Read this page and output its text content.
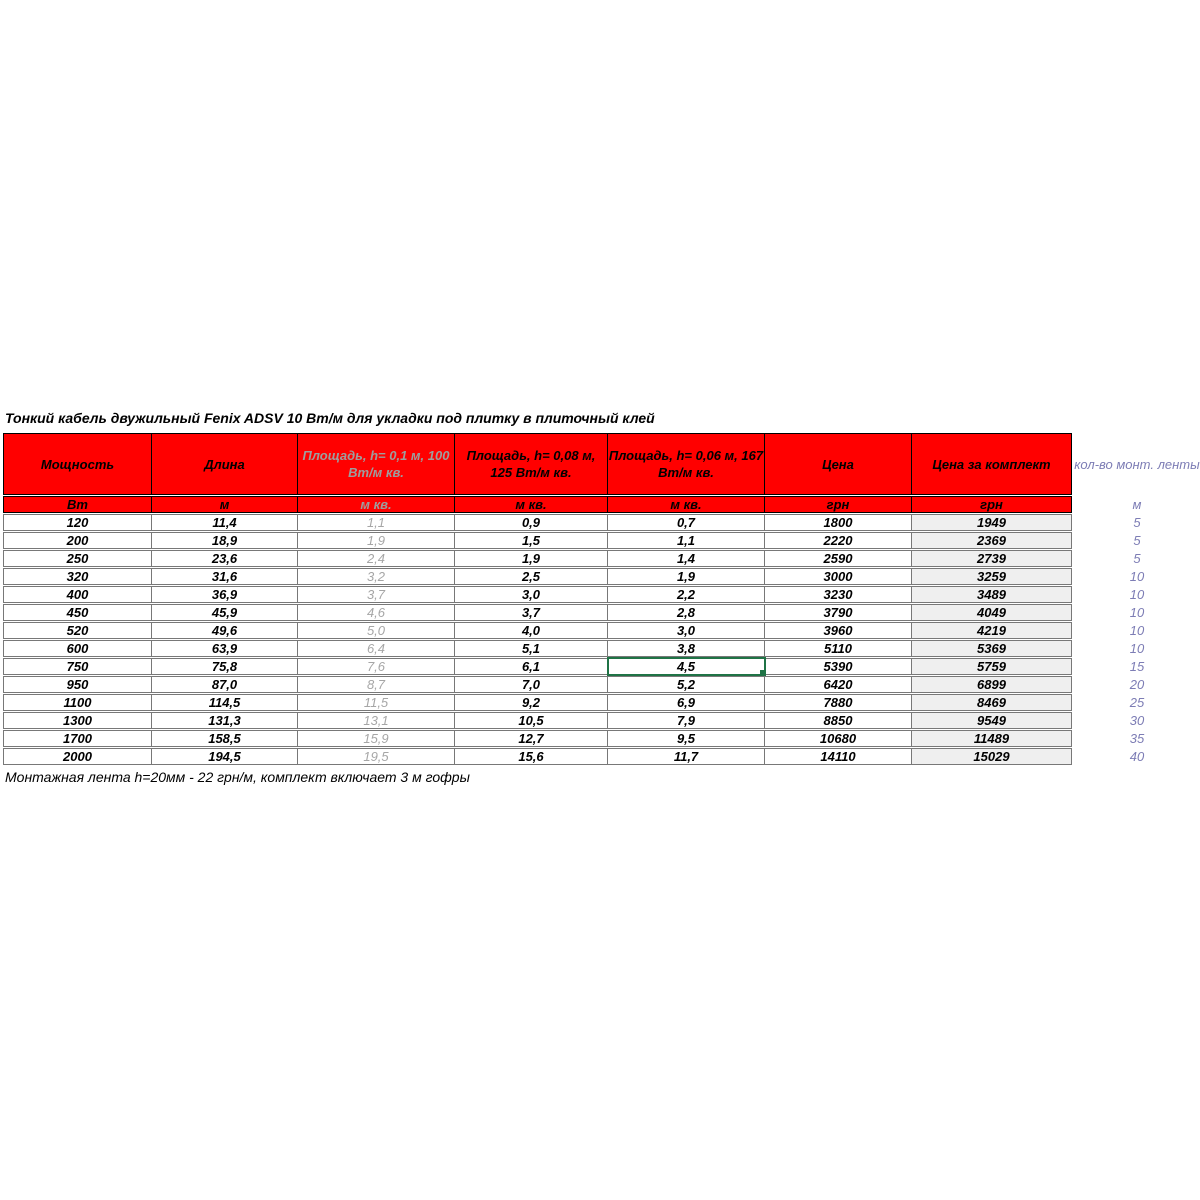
Тонкий кабель двужильный Fenix ADSV 10 Вт/м для укладки под плитку в плиточный клей
Мощность	Длина	Площадь, h= 0,1 м, 100 Вт/м кв.	Площадь, h= 0,08 м, 125 Вт/м кв.	Площадь, h= 0,06 м, 167 Вт/м кв.	Цена	Цена за комплект	кол-во монт. ленты
Вт	м	м кв.	м кв.	м кв.	грн	грн	м
120	11,4	1,1	0,9	0,7	1800	1949	5
200	18,9	1,9	1,5	1,1	2220	2369	5
250	23,6	2,4	1,9	1,4	2590	2739	5
320	31,6	3,2	2,5	1,9	3000	3259	10
400	36,9	3,7	3,0	2,2	3230	3489	10
450	45,9	4,6	3,7	2,8	3790	4049	10
520	49,6	5,0	4,0	3,0	3960	4219	10
600	63,9	6,4	5,1	3,8	5110	5369	10
750	75,8	7,6	6,1	4,5	5390	5759	15
950	87,0	8,7	7,0	5,2	6420	6899	20
1100	114,5	11,5	9,2	6,9	7880	8469	25
1300	131,3	13,1	10,5	7,9	8850	9549	30
1700	158,5	15,9	12,7	9,5	10680	11489	35
2000	194,5	19,5	15,6	11,7	14110	15029	40
Монтажная лента h=20мм - 22 грн/м, комплект включает 3 м гофры
